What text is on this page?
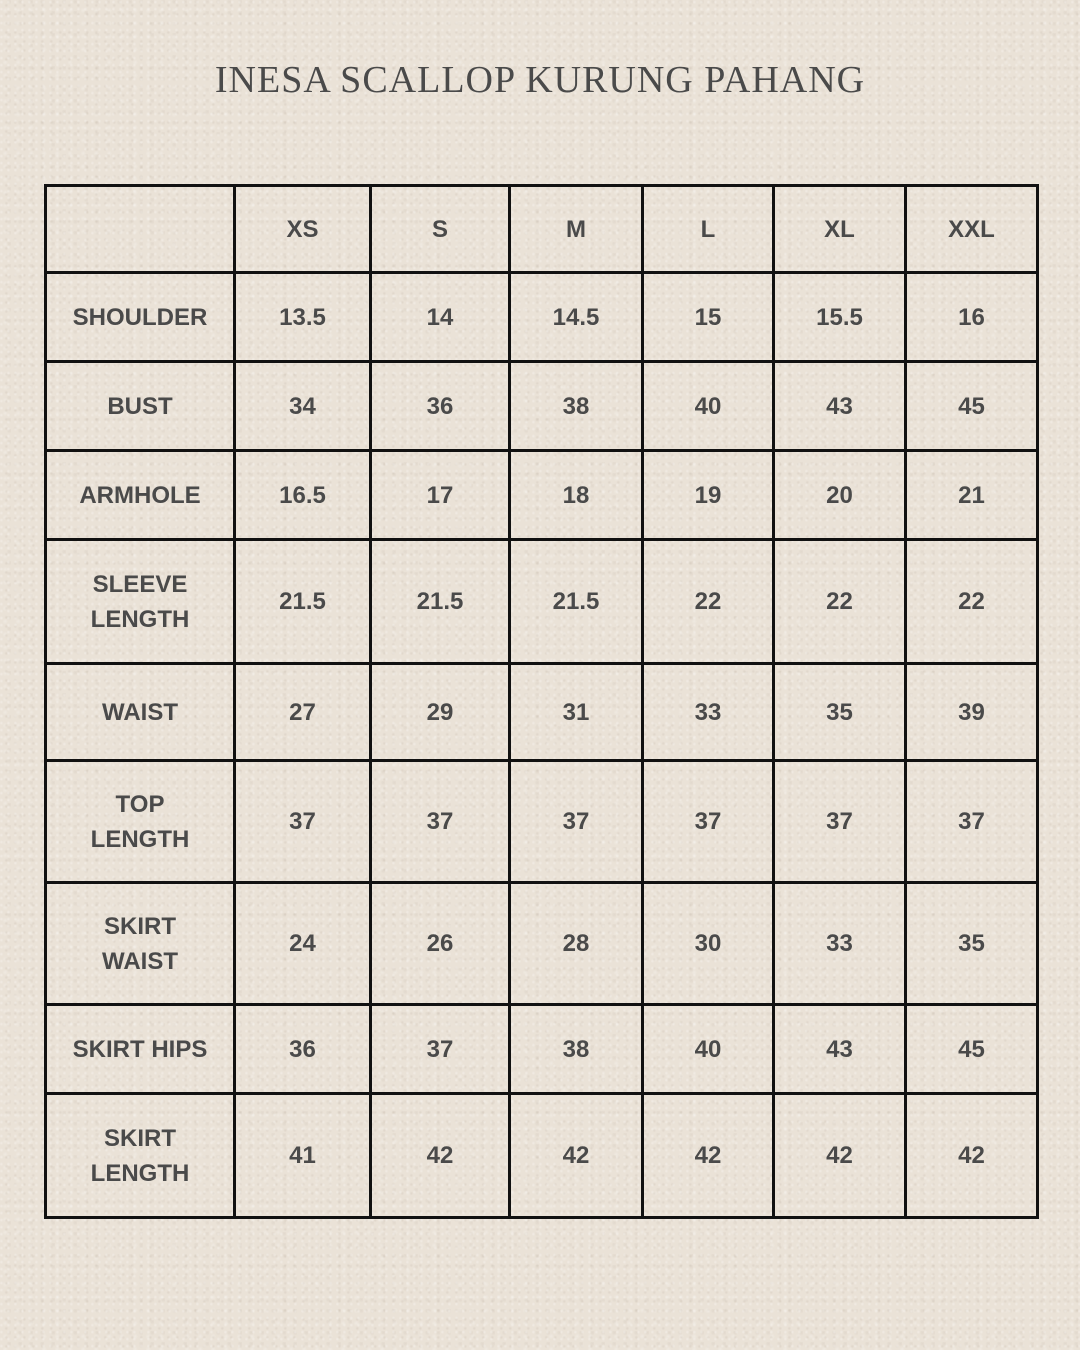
INESA SCALLOP KURUNG PAHANG
	XS	S	M	L	XL	XXL

SHOULDER	13.5	14	14.5	15	15.5	16

BUST	34	36	38	40	43	45

ARMHOLE	16.5	17	18	19	20	21

SLEEVE
LENGTH	21.5	21.5	21.5	22	22	22

WAIST	27	29	31	33	35	39

TOP
LENGTH	37	37	37	37	37	37

SKIRT
WAIST	24	26	28	30	33	35

SKIRT HIPS	36	37	38	40	43	45

SKIRT
LENGTH	41	42	42	42	42	42
